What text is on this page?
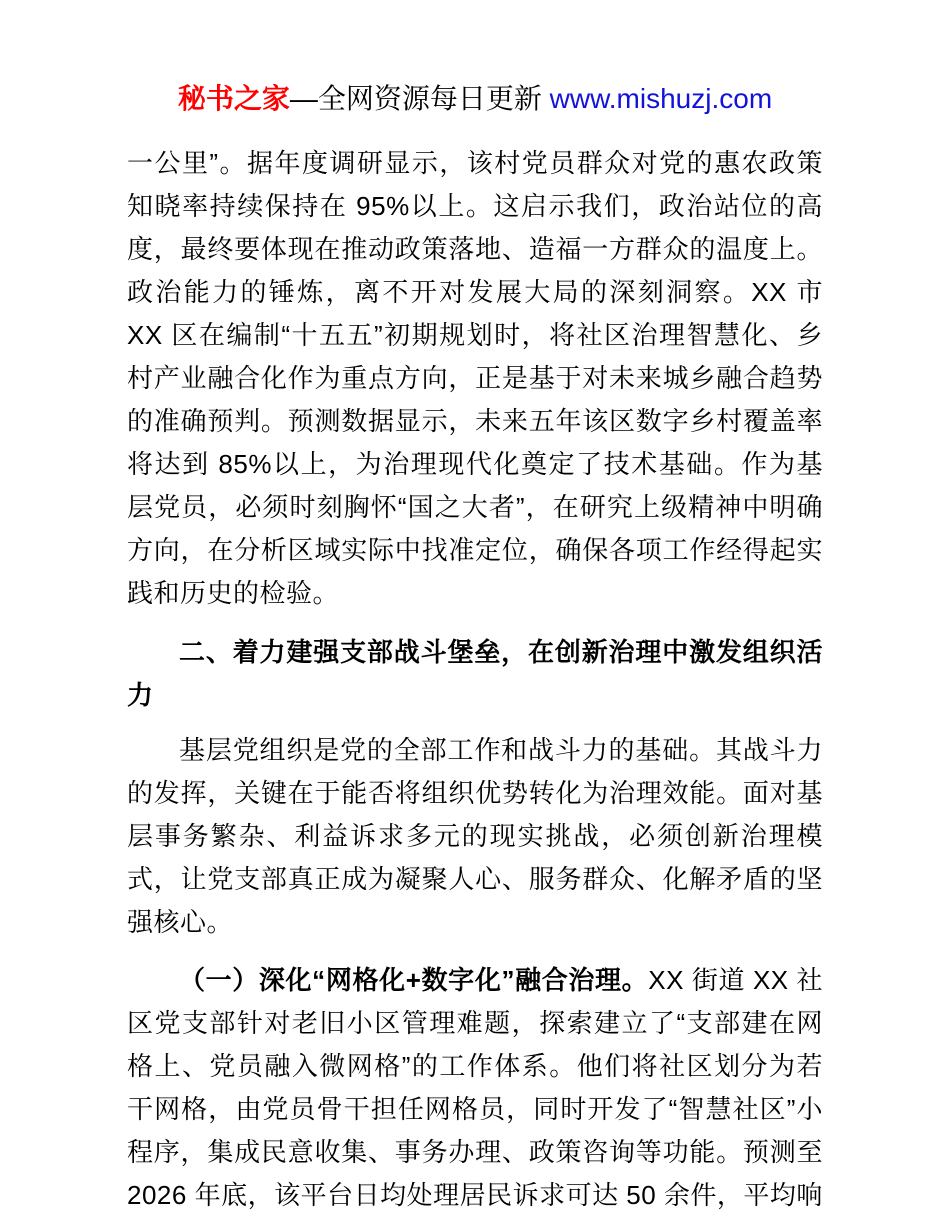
秘书之家—全网资源每日更新 www.mishuzj.com

一公里”。据年度调研显示，该村党员群众对党的惠农政策知晓率持续保持在 95%以上。这启示我们，政治站位的高度，最终要体现在推动政策落地、造福一方群众的温度上。政治能力的锤炼，离不开对发展大局的深刻洞察。XX 市 XX 区在编制“十五五”初期规划时，将社区治理智慧化、乡村产业融合化作为重点方向，正是基于对未来城乡融合趋势的准确预判。预测数据显示，未来五年该区数字乡村覆盖率将达到 85%以上，为治理现代化奠定了技术基础。作为基层党员，必须时刻胸怀“国之大者”，在研究上级精神中明确方向，在分析区域实际中找准定位，确保各项工作经得起实践和历史的检验。

二、着力建强支部战斗堡垒，在创新治理中激发组织活力

基层党组织是党的全部工作和战斗力的基础。其战斗力的发挥，关键在于能否将组织优势转化为治理效能。面对基层事务繁杂、利益诉求多元的现实挑战，必须创新治理模式，让党支部真正成为凝聚人心、服务群众、化解矛盾的坚强核心。

（一）深化“网格化+数字化”融合治理。XX 街道 XX 社区党支部针对老旧小区管理难题，探索建立了“支部建在网格上、党员融入微网格”的工作体系。他们将社区划分为若干网格，由党员骨干担任网格员，同时开发了“智慧社区”小程序，集成民意收集、事务办理、政策咨询等功能。预测至 2026 年底，该平台日均处理居民诉求可达 50 余件，平均响
